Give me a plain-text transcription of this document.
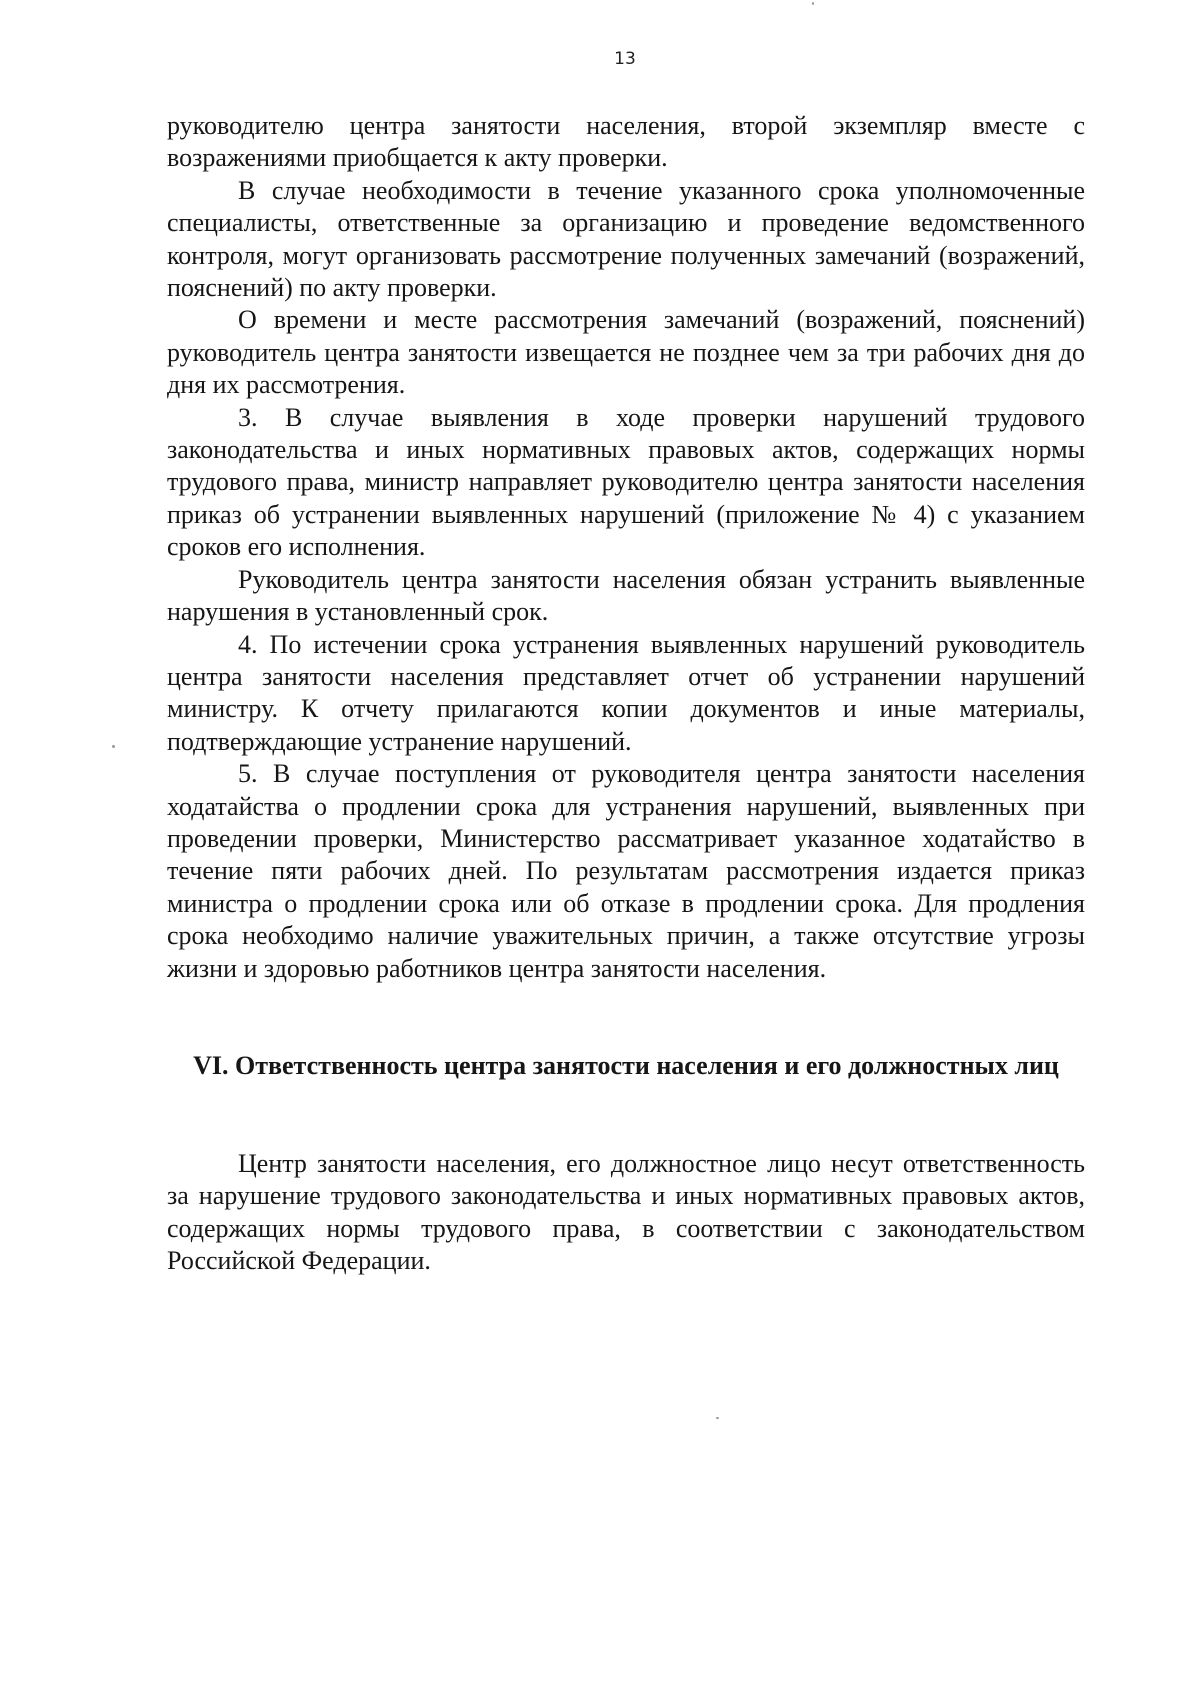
13

руководителю центра занятости населения, второй экземпляр вместе с возражениями приобщается к акту проверки.

В случае необходимости в течение указанного срока уполномоченные специалисты, ответственные за организацию и проведение ведомственного контроля, могут организовать рассмотрение полученных замечаний (возражений, пояснений) по акту проверки.

О времени и месте рассмотрения замечаний (возражений, пояснений) руководитель центра занятости извещается не позднее чем за три рабочих дня до дня их рассмотрения.

3. В случае выявления в ходе проверки нарушений трудового законодательства и иных нормативных правовых актов, содержащих нормы трудового права, министр направляет руководителю центра занятости населения приказ об устранении выявленных нарушений (приложение № 4) с указанием сроков его исполнения.

Руководитель центра занятости населения обязан устранить выявленные нарушения в установленный срок.

4. По истечении срока устранения выявленных нарушений руководитель центра занятости населения представляет отчет об устранении нарушений министру. К отчету прилагаются копии документов и иные материалы, подтверждающие устранение нарушений.

5. В случае поступления от руководителя центра занятости населения ходатайства о продлении срока для устранения нарушений, выявленных при проведении проверки, Министерство рассматривает указанное ходатайство в течение пяти рабочих дней. По результатам рассмотрения издается приказ министра о продлении срока или об отказе в продлении срока. Для продления срока необходимо наличие уважительных причин, а также отсутствие угрозы жизни и здоровью работников центра занятости населения.

VI. Ответственность центра занятости населения и его должностных лиц

Центр занятости населения, его должностное лицо несут ответственность за нарушение трудового законодательства и иных нормативных правовых актов, содержащих нормы трудового права, в соответствии с законодательством Российской Федерации.
